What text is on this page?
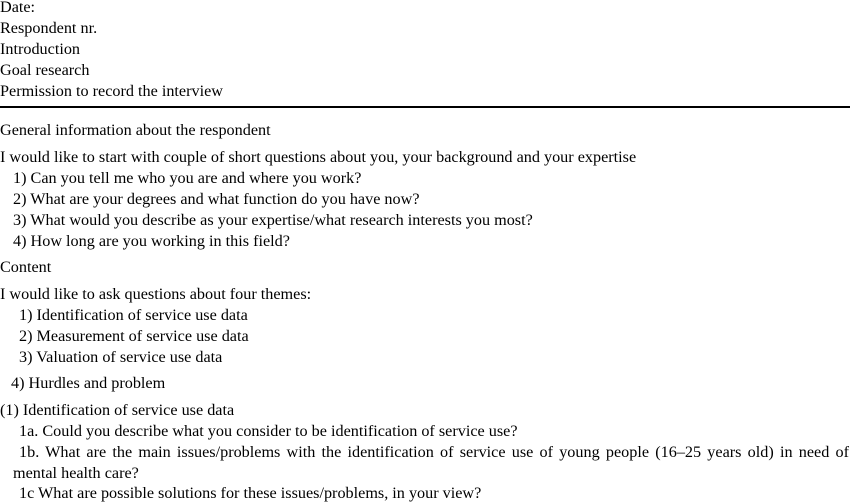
Date:
Respondent nr.
Introduction
Goal research
Permission to record the interview
General information about the respondent
I would like to start with couple of short questions about you, your background and your expertise
1) Can you tell me who you are and where you work?
2) What are your degrees and what function do you have now?
3) What would you describe as your expertise/what research interests you most?
4) How long are you working in this field?
Content
I would like to ask questions about four themes:
1) Identification of service use data
2) Measurement of service use data
3) Valuation of service use data
4) Hurdles and problem
(1) Identification of service use data
1a. Could you describe what you consider to be identification of service use?
1b. What are the main issues/problems with the identification of service use of young people (16–25 years old) in need of mental health care?
1c What are possible solutions for these issues/problems, in your view?
